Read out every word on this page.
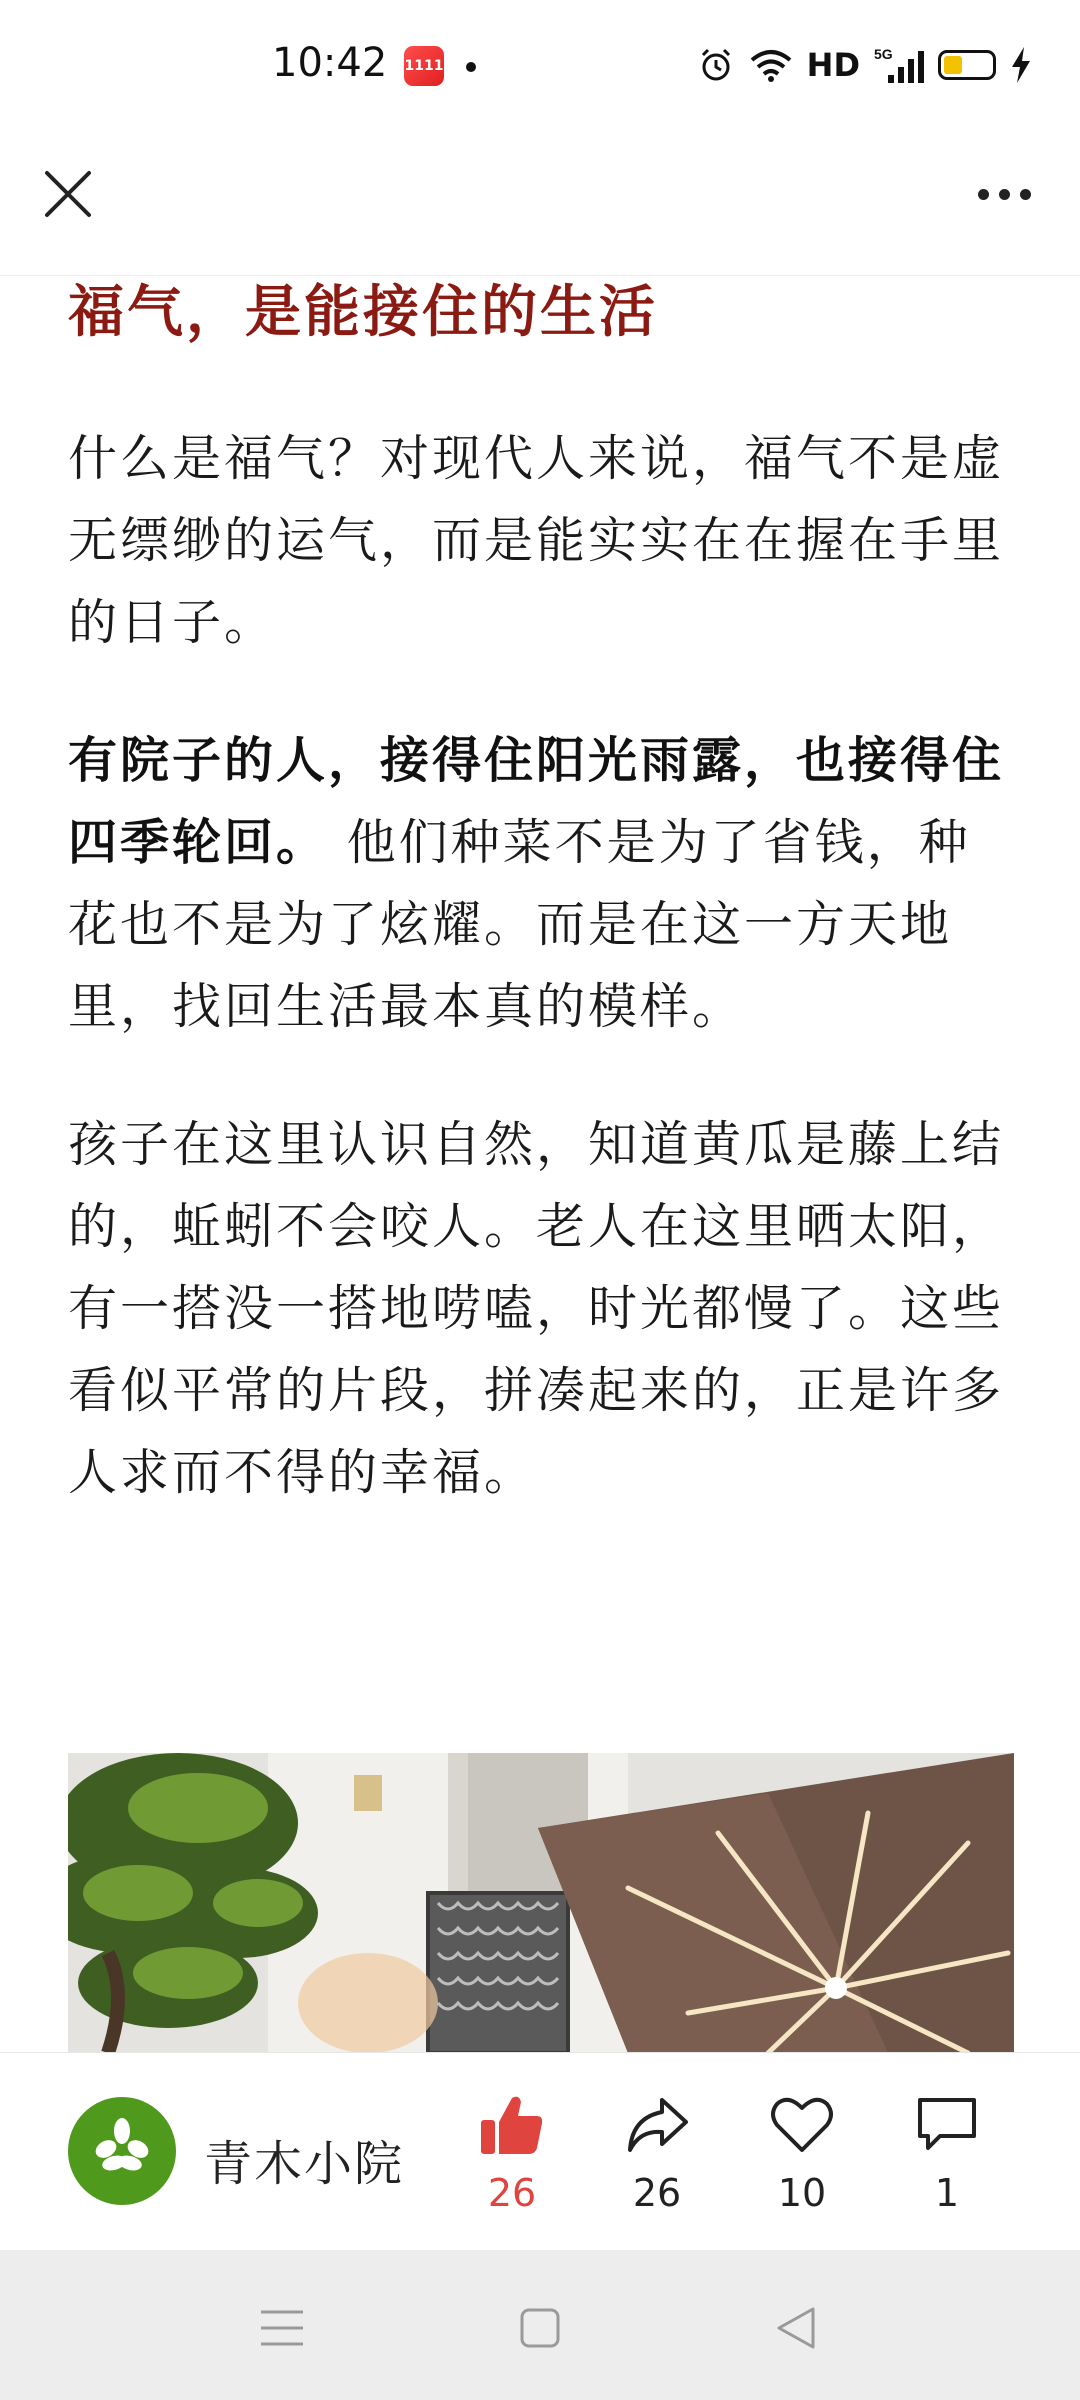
10:42 1111	HD 5G
福气，是能接住的生活

什么是福气？对现代人来说，福气不是虚无缥缈的运气，而是能实实在在握在手里的日子。

有院子的人，接得住阳光雨露，也接得住四季轮回。 他们种菜不是为了省钱，种花也不是为了炫耀。而是在这一方天地里，找回生活最本真的模样。

孩子在这里认识自然，知道黄瓜是藤上结的，蚯蚓不会咬人。老人在这里晒太阳，有一搭没一搭地唠嗑，时光都慢了。这些看似平常的片段，拼凑起来的，正是许多人求而不得的幸福。

青木小院
26	26	10	1
